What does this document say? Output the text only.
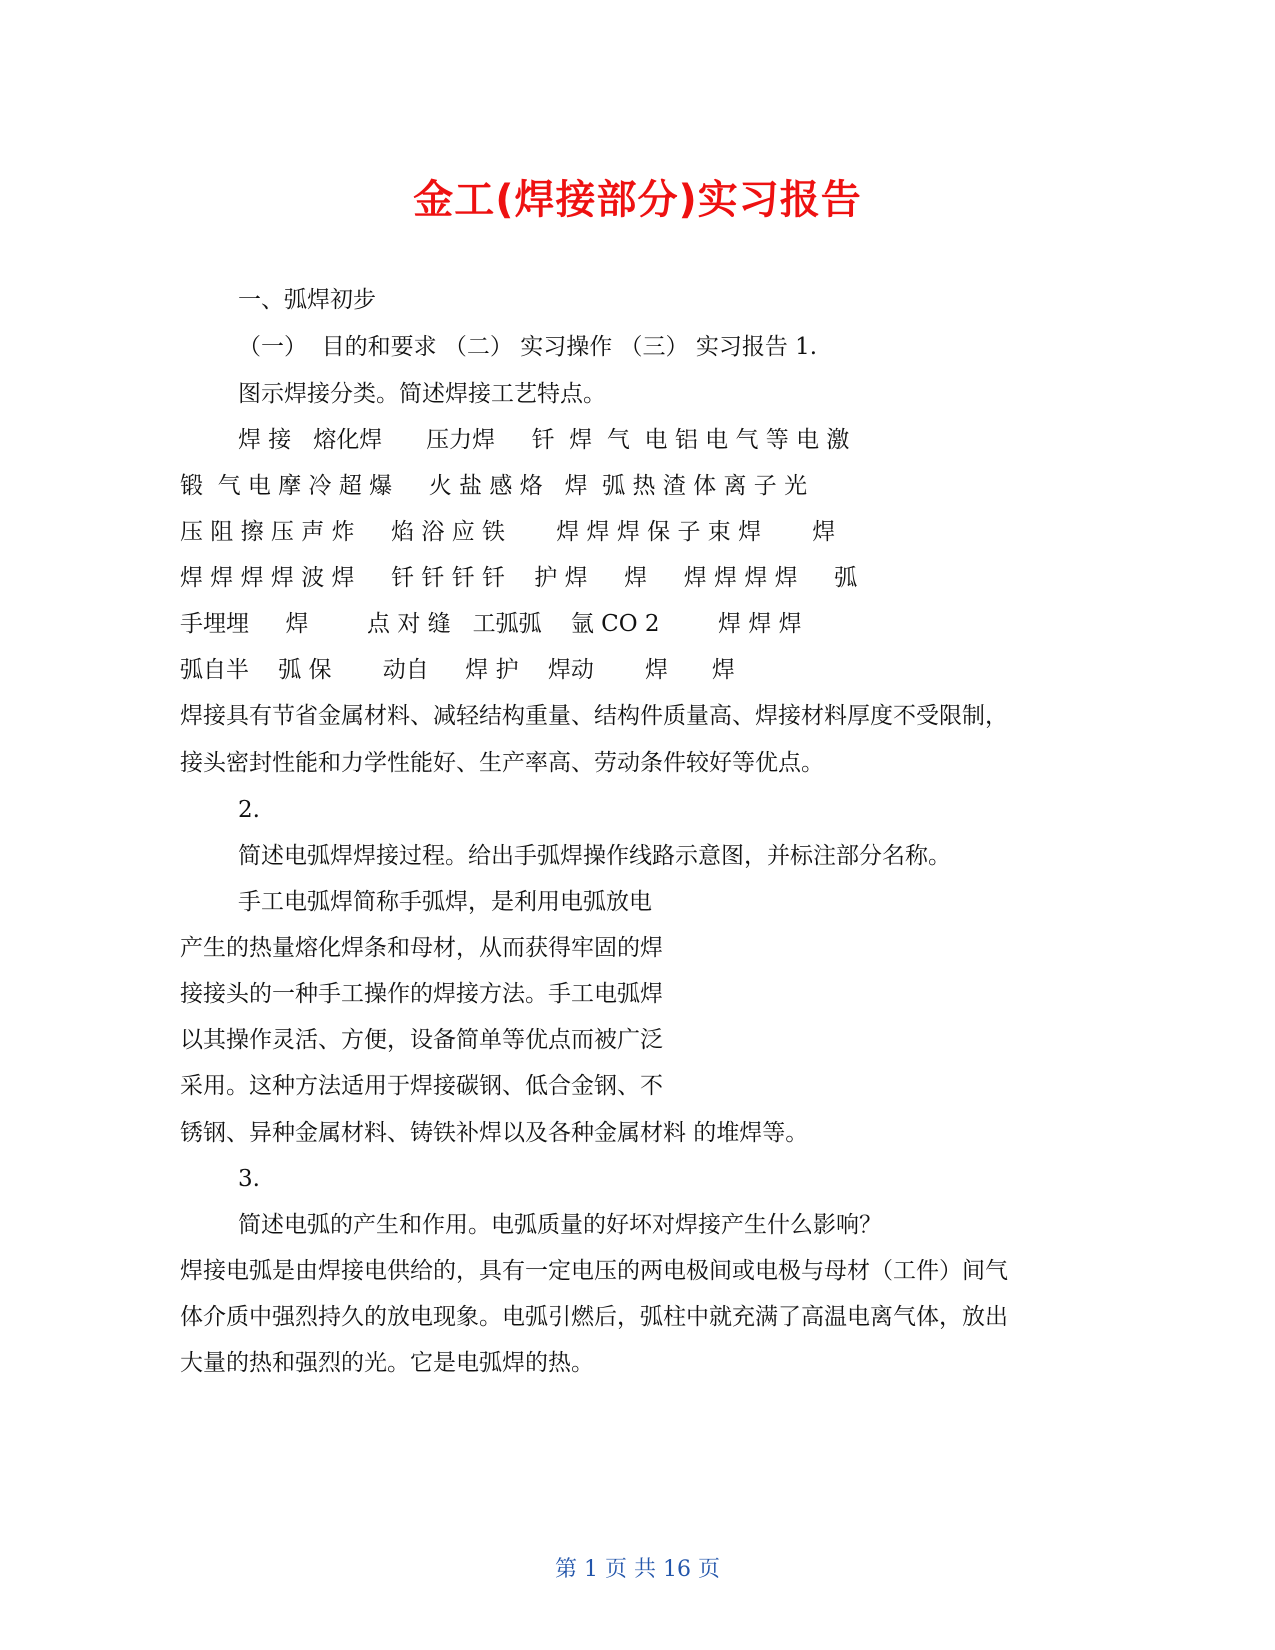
金工(焊接部分)实习报告
一、弧焊初步
（一）  目的和要求 （二） 实习操作 （三） 实习报告 1.
图示焊接分类。简述焊接工艺特点。
焊 接   熔化焊      压力焊     钎  焊  气  电 铝 电 气 等 电 激
锻  气 电 摩 冷 超 爆     火 盐 感 烙   焊  弧 热 渣 体 离 子 光
压 阻 擦 压 声 炸     焰 浴 应 铁       焊 焊 焊 保 子 束 焊       焊
焊 焊 焊 焊 波 焊     钎 钎 钎 钎    护 焊     焊     焊 焊 焊 焊     弧
手埋埋     焊        点 对 缝   工弧弧    氩 CO 2        焊 焊 焊
弧自半    弧 保       动自     焊 护    焊动       焊      焊
焊接具有节省金属材料、减轻结构重量、结构件质量高、焊接材料厚度不受限制，
接头密封性能和力学性能好、生产率高、劳动条件较好等优点。
2.
简述电弧焊焊接过程。给出手弧焊操作线路示意图，并标注部分名称。
手工电弧焊简称手弧焊，是利用电弧放电
产生的热量熔化焊条和母材，从而获得牢固的焊
接接头的一种手工操作的焊接方法。手工电弧焊
以其操作灵活、方便，设备简单等优点而被广泛
采用。这种方法适用于焊接碳钢、低合金钢、不
锈钢、异种金属材料、铸铁补焊以及各种金属材料 的堆焊等。
3.
简述电弧的产生和作用。电弧质量的好坏对焊接产生什么影响？
焊接电弧是由焊接电供给的，具有一定电压的两电极间或电极与母材（工件）间气
体介质中强烈持久的放电现象。电弧引燃后，弧柱中就充满了高温电离气体，放出
大量的热和强烈的光。它是电弧焊的热。
第 1 页 共 16 页
